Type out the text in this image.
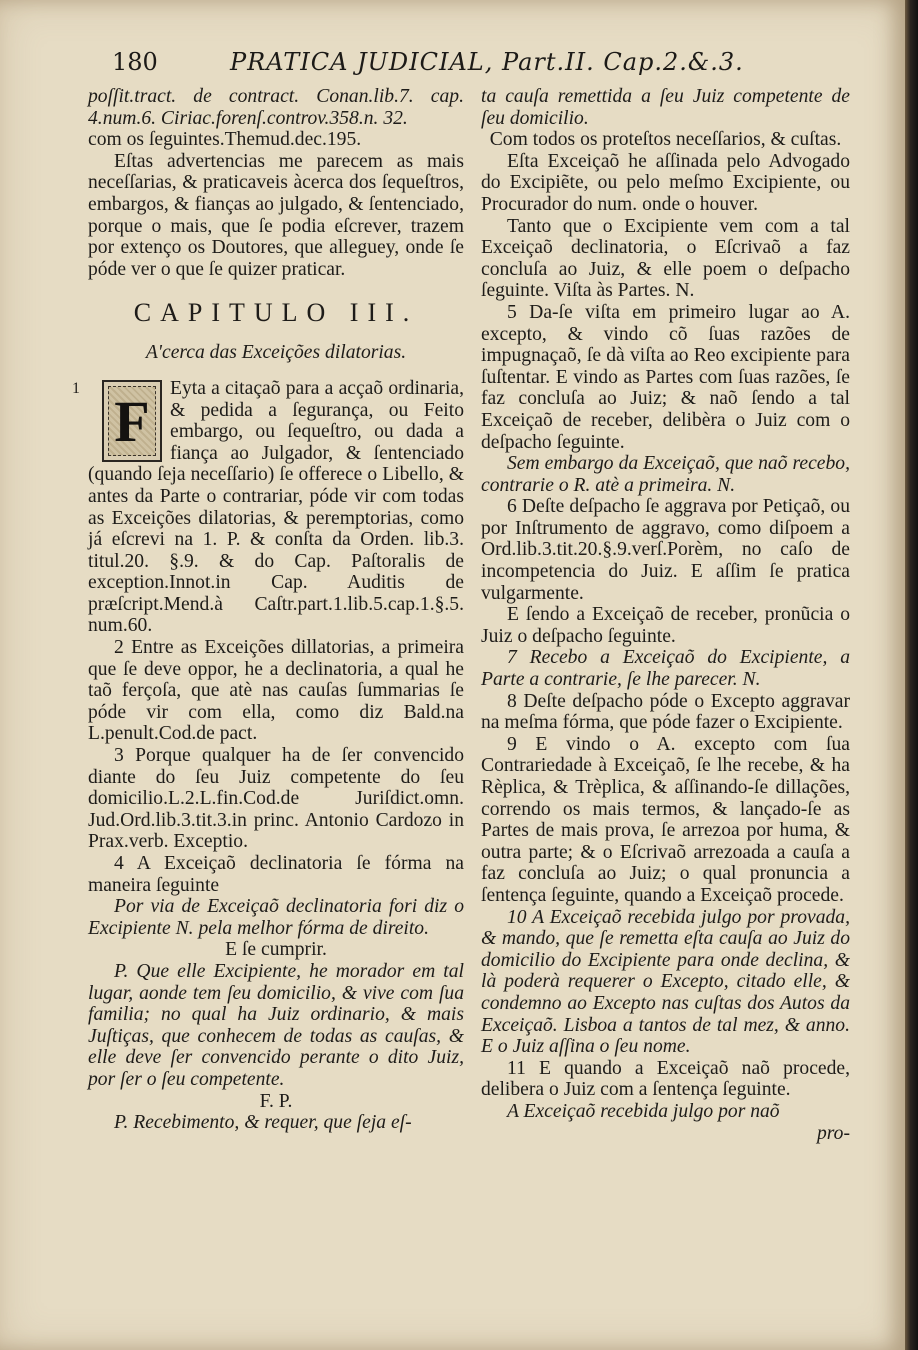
180	PRATICA JUDICIAL, Part.II. Cap.2.&.3.

poſſit.tract. de contract. Conan.lib.7. cap. 4.num.6. Ciriac.forenſ.controv.358.n. 32.

com os ſeguintes.Themud.dec.195.

Eſtas advertencias me parecem as mais neceſſarias, & praticaveis àcerca dos ſequeſtros, embargos, & fianças ao julgado, & ſentenciado, porque o mais, que ſe podia eſcrever, trazem por extenço os Doutores, que alleguey, onde ſe póde ver o que ſe quizer praticar.

CAPITULO III.

A'cerca das Exceições dilatorias.

1
F

Eyta a citaçaõ para a acçaõ ordinaria, & pedida a ſegurança, ou Feito embargo, ou ſequeſtro, ou dada a fiança ao Julgador, & ſentenciado (quando ſeja neceſſario) ſe offerece o Libello, & antes da Parte o contrariar, póde vir com todas as Exceições dilatorias, & peremptorias, como já eſcrevi na 1. P. & conſta da Orden. lib.3. titul.20. §.9. & do Cap. Paſtoralis de exception.Innot.in Cap. Auditis de præſcript.Mend.à Caſtr.part.1.lib.5.cap.1.§.5. num.60.

2 Entre as Exceições dillatorias, a primeira que ſe deve oppor, he a declinatoria, a qual he taõ ferçoſa, que atè nas cauſas ſummarias ſe póde vir com ella, como diz Bald.na L.penult.Cod.de pact.

3 Porque qualquer ha de ſer convencido diante do ſeu Juiz competente do ſeu domicilio.L.2.L.fin.Cod.de Juriſdict.omn. Jud.Ord.lib.3.tit.3.in princ. Antonio Cardozo in Prax.verb. Exceptio.

4 A Exceiçaõ declinatoria ſe fórma na maneira ſeguinte

Por via de Exceiçaõ declinatoria fori diz o Excipiente N. pela melhor fórma de direito.

E ſe cumprir.

P. Que elle Excipiente, he morador em tal lugar, aonde tem ſeu domicilio, & vive com ſua familia; no qual ha Juiz ordinario, & mais Juſtiças, que conhecem de todas as cauſas, & elle deve ſer convencido perante o dito Juiz, por ſer o ſeu competente.

F. P.

P. Recebimento, & requer, que ſeja eſ-

ta cauſa remettida a ſeu Juiz competente de ſeu domicilio.

Com todos os proteſtos neceſſarios, & cuſtas.

Eſta Exceiçaõ he aſſinada pelo Advogado do Excipiẽte, ou pelo meſmo Excipiente, ou Procurador do num. onde o houver.

Tanto que o Excipiente vem com a tal Exceiçaõ declinatoria, o Eſcrivaõ a faz concluſa ao Juiz, & elle poem o deſpacho ſeguinte. Viſta às Partes. N.

5 Da-ſe viſta em primeiro lugar ao A. excepto, & vindo cõ ſuas razões de impugnaçaõ, ſe dà viſta ao Reo excipiente para ſuſtentar. E vindo as Partes com ſuas razões, ſe faz concluſa ao Juiz; & naõ ſendo a tal Exceiçaõ de receber, delibèra o Juiz com o deſpacho ſeguinte.

Sem embargo da Exceiçaõ, que naõ recebo, contrarie o R. atè a primeira. N.

6 Deſte deſpacho ſe aggrava por Petiçaõ, ou por Inſtrumento de aggravo, como diſpoem a Ord.lib.3.tit.20.§.9.verſ.Porèm, no caſo de incompetencia do Juiz. E aſſim ſe pratica vulgarmente.

E ſendo a Exceiçaõ de receber, pronũcia o Juiz o deſpacho ſeguinte.

7 Recebo a Exceiçaõ do Excipiente, a Parte a contrarie, ſe lhe parecer. N.

8 Deſte deſpacho póde o Excepto aggravar na meſma fórma, que póde fazer o Excipiente.

9 E vindo o A. excepto com ſua Contrariedade à Exceiçaõ, ſe lhe recebe, & ha Rèplica, & Trèplica, & aſſinando-ſe dillações, correndo os mais termos, & lançado-ſe as Partes de mais prova, ſe arrezoa por huma, & outra parte; & o Eſcrivaõ arrezoada a cauſa a faz concluſa ao Juiz; o qual pronuncia a ſentença ſeguinte, quando a Exceiçaõ procede.

10 A Exceiçaõ recebida julgo por provada, & mando, que ſe remetta eſta cauſa ao Juiz do domicilio do Excipiente para onde declina, & là poderà requerer o Excepto, citado elle, & condemno ao Excepto nas cuſtas dos Autos da Exceiçaõ. Lisboa a tantos de tal mez, & anno. E o Juiz aſſina o ſeu nome.

11 E quando a Exceiçaõ naõ procede, delibera o Juiz com a ſentença ſeguinte.

A Exceiçaõ recebida julgo por naõ

pro-
